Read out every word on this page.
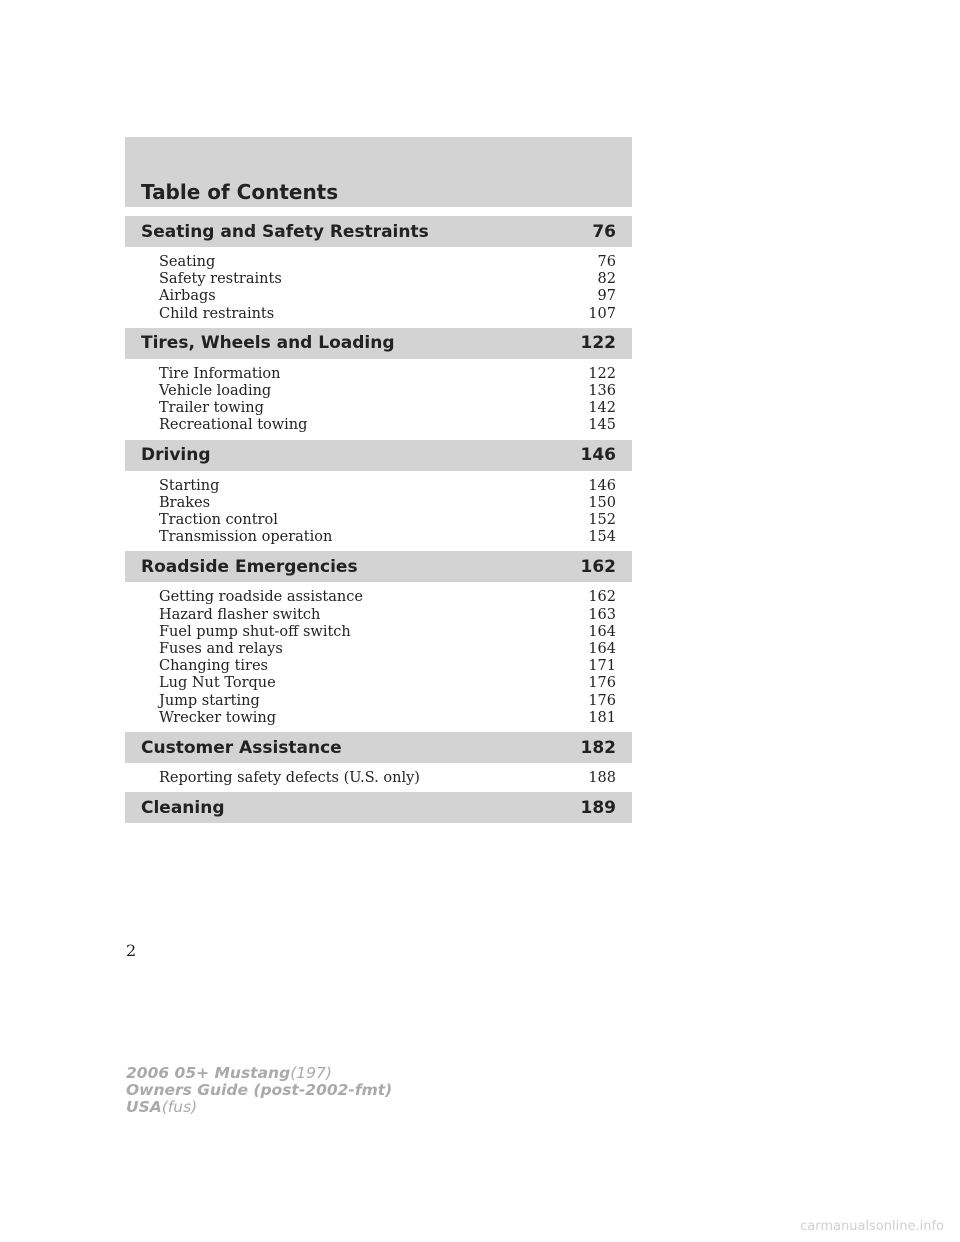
Table of Contents
Seating and Safety Restraints	76
Seating	76
Safety restraints	82
Airbags	97
Child restraints	107
Tires, Wheels and Loading	122
Tire Information	122
Vehicle loading	136
Trailer towing	142
Recreational towing	145
Driving	146
Starting	146
Brakes	150
Traction control	152
Transmission operation	154
Roadside Emergencies	162
Getting roadside assistance	162
Hazard flasher switch	163
Fuel pump shut-off switch	164
Fuses and relays	164
Changing tires	171
Lug Nut Torque	176
Jump starting	176
Wrecker towing	181
Customer Assistance	182
Reporting safety defects (U.S. only)	188
Cleaning	189
2
2006 05+ Mustang(197)
Owners Guide (post-2002-fmt)
USA(fus)
carmanualsonline.info
